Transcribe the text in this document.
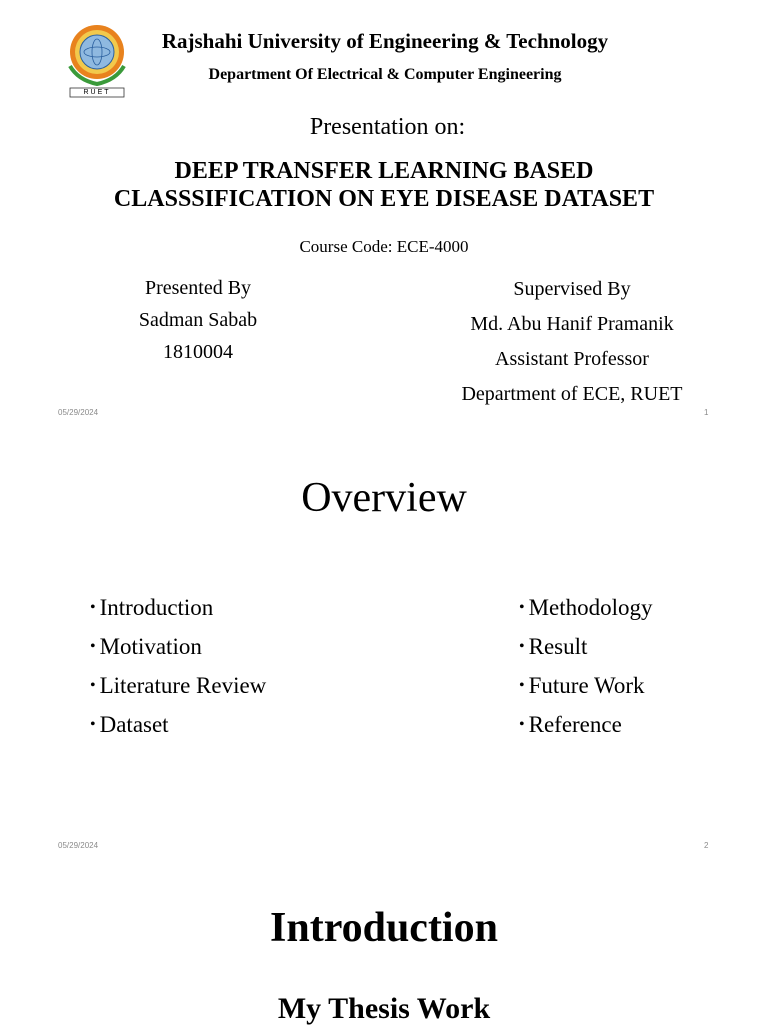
RUET
Rajshahi University of Engineering & Technology
Department Of Electrical & Computer Engineering
Presentation on:
DEEP TRANSFER LEARNING BASED
CLASSSIFICATION ON EYE DISEASE DATASET
Course Code: ECE-4000
Presented By
Sadman Sabab
1810004
Supervised By
Md. Abu Hanif Pramanik
Assistant Professor
Department of ECE, RUET
05/29/2024	1
Overview
• Introduction
• Motivation
• Literature Review
• Dataset
• Methodology
• Result
• Future Work
• Reference
05/29/2024	2
Introduction
My Thesis Work
